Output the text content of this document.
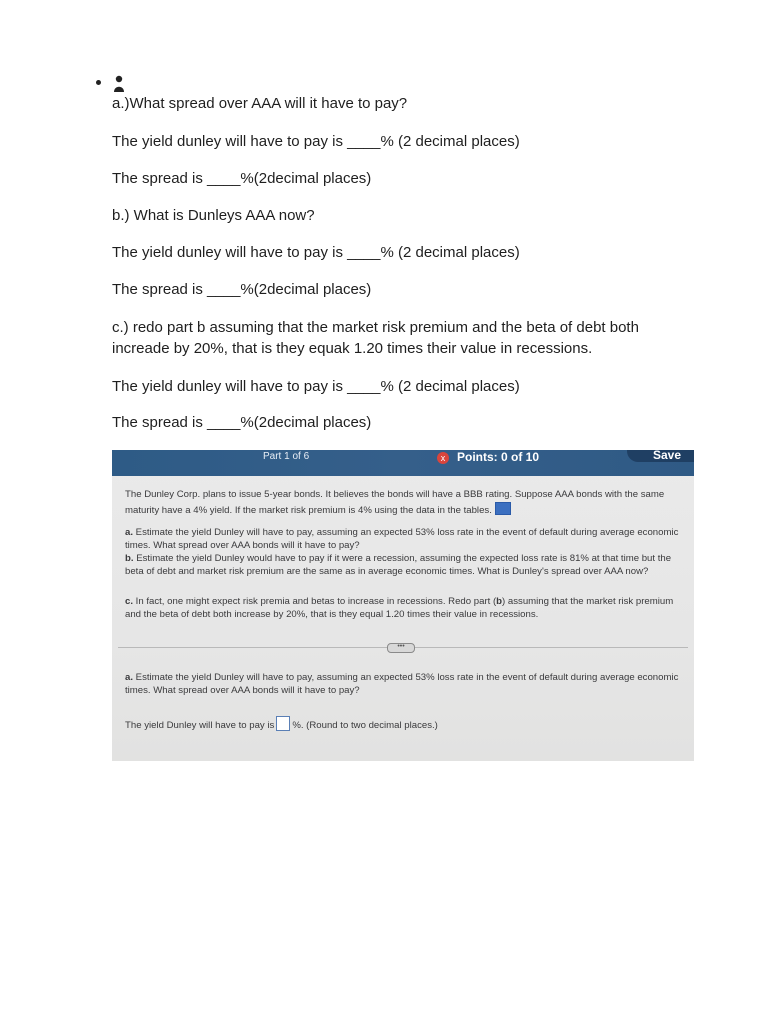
a.)What spread over AAA will it have to pay?
The yield dunley will have to pay is ____% (2 decimal places)
The spread is ____%(2decimal places)
b.) What is Dunleys AAA now?
The yield dunley will have to pay is ____% (2 decimal places)
The spread is ____%(2decimal places)
c.) redo part b assuming that the market risk premium and the beta of debt both increade by 20%, that is they equak 1.20 times their value in recessions.
The yield dunley will have to pay is ____% (2 decimal places)
The spread is ____%(2decimal places)
Part 1 of 6	x Points: 0 of 10	Save
The Dunley Corp. plans to issue 5-year bonds. It believes the bonds will have a BBB rating. Suppose AAA bonds with the same maturity have a 4% yield. If the market risk premium is 4% using the data in the tables.
a. Estimate the yield Dunley will have to pay, assuming an expected 53% loss rate in the event of default during average economic times. What spread over AAA bonds will it have to pay?
b. Estimate the yield Dunley would have to pay if it were a recession, assuming the expected loss rate is 81% at that time but the beta of debt and market risk premium are the same as in average economic times. What is Dunley's spread over AAA now?
c. In fact, one might expect risk premia and betas to increase in recessions. Redo part (b) assuming that the market risk premium and the beta of debt both increase by 20%, that is they equal 1.20 times their value in recessions.
•••
a. Estimate the yield Dunley will have to pay, assuming an expected 53% loss rate in the event of default during average economic times. What spread over AAA bonds will it have to pay?
The yield Dunley will have to pay is %. (Round to two decimal places.)
